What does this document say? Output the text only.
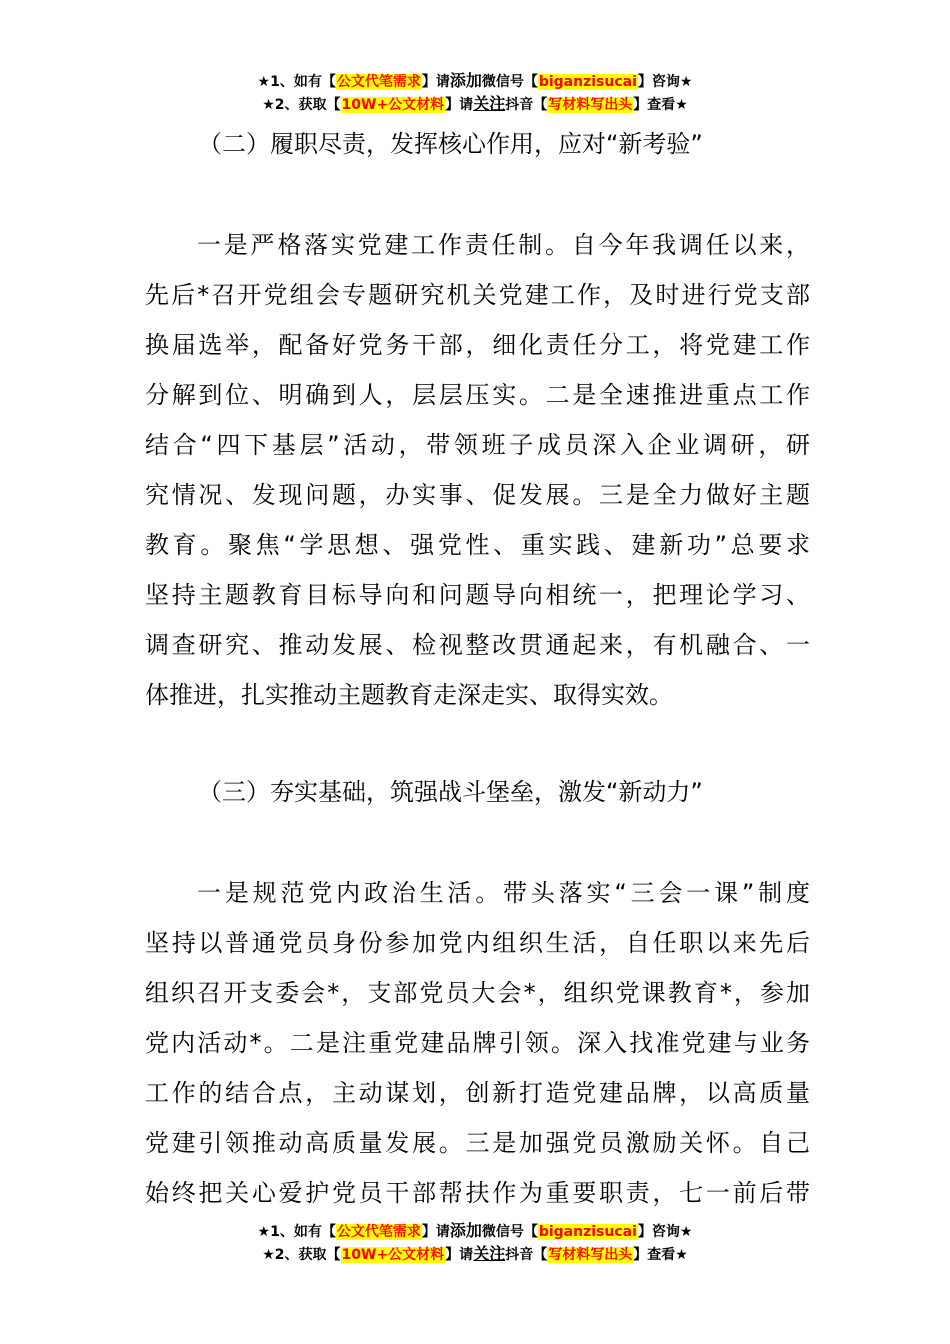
★1、如有【公文代笔需求】请添加微信号【biganzisucai】咨询★
★2、获取【10W+公文材料】请关注抖音【写材料写出头】查看★
（二）履职尽责，发挥核心作用，应对“新考验”
一是严格落实党建工作责任制。自今年我调任以来，
先后*召开党组会专题研究机关党建工作，及时进行党支部
换届选举，配备好党务干部，细化责任分工，将党建工作
分解到位、明确到人，层层压实。二是全速推进重点工作
结合“四下基层”活动，带领班子成员深入企业调研，研
究情况、发现问题，办实事、促发展。三是全力做好主题
教育。聚焦“学思想、强党性、重实践、建新功”总要求
坚持主题教育目标导向和问题导向相统一，把理论学习、
调查研究、推动发展、检视整改贯通起来，有机融合、一
体推进，扎实推动主题教育走深走实、取得实效。
（三）夯实基础，筑强战斗堡垒，激发“新动力”
一是规范党内政治生活。带头落实“三会一课”制度
坚持以普通党员身份参加党内组织生活，自任职以来先后
组织召开支委会*，支部党员大会*，组织党课教育*，参加
党内活动*。二是注重党建品牌引领。深入找准党建与业务
工作的结合点，主动谋划，创新打造党建品牌，以高质量
党建引领推动高质量发展。三是加强党员激励关怀。自己
始终把关心爱护党员干部帮扶作为重要职责，七一前后带
★1、如有【公文代笔需求】请添加微信号【biganzisucai】咨询★
★2、获取【10W+公文材料】请关注抖音【写材料写出头】查看★
